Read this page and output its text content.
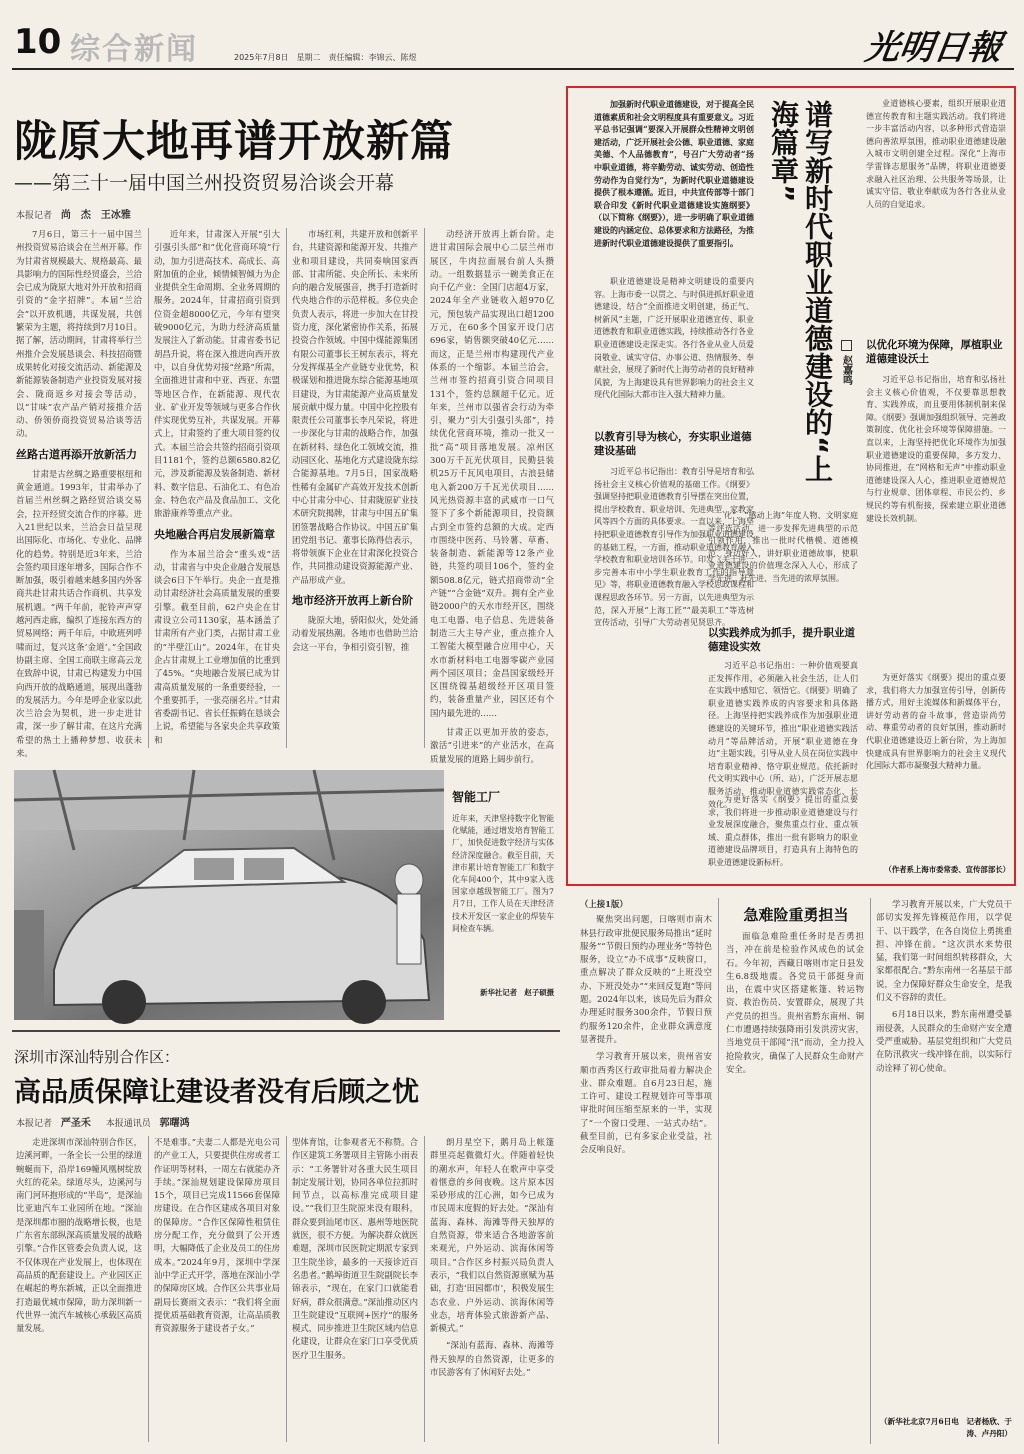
10 综合新闻	2025年7月8日　星期二　责任编辑：李锦云、陈煜	光明日報
陇原大地再谱开放新篇
——第三十一届中国兰州投资贸易洽谈会开幕
本报记者 尚　杰　王冰雅

7月6日，第三十一届中国兰州投资贸易洽谈会在兰州开幕。作为甘肃省规模最大、规格最高、最具影响力的国际性经贸盛会，兰洽会已成为陇原大地对外开放和招商引资的“金字招牌”。本届“兰洽会”以开放机遇，共谋发展，共创繁荣为主题，将持续到7月10日。据了解，活动期间，甘肃将举行兰州推介会发展恳谈会、科技招商暨成果转化对接交流活动、新能源及新能源装备制造产业投资发展对接会、陇商返乡对接会等活动，以“甘味”农产品产销对接推介活动、侨领侨商投资贸易洽谈等活动。

丝路古道再添开放新活力

甘肃是古丝绸之路重要枢纽和黄金通道。1993年，甘肃举办了首届兰州丝绸之路经贸洽谈交易会，拉开经贸交流合作的序幕。进入21世纪以来，兰洽会日益呈现出国际化、市场化、专业化、品牌化的趋势。特别是近3年来，兰洽会签约项目逐年增多，国际合作不断加强，吸引着越来越多国内外客商共赴甘肃共话合作商机、共享发展机遇。“两千年前，驼铃声声穿越河西走廊，编织了连接东西方的贸易网络；两千年后，中欧班列呼啸而过，复兴这条‘金道’。”全国政协副主席、全国工商联主席高云龙在致辞中说，甘肃已构建发力中国向西开放的战略通道，展现出蓬勃的发展活力。今年是呼企业家以此次兰洽会为契机，进一步走进甘肃，深一步了解甘肃，在这片充满希望的热土上播种梦想、收获未来。

近年来，甘肃深入开展“引大引强引头部”和“优化营商环境”行动，加力引进高技术、高成长、高附加值的企业，倾情倾智倾力为企业提供全生命周期、全业务周期的服务。2024年，甘肃招商引资到位资金超8000亿元，今年有望突破9000亿元，为助力经济高质量发展注入了新动能。甘肃省委书记胡昌升说，将在深入推进向西开放中，以自身优势对接“丝路”所需，全面推进甘肃和中亚、西亚、东盟等地区合作，在新能源、现代农业、矿业开发等领域与更多合作伙伴实现优势互补，共谋发展。开幕式上，甘肃签约了重大项目签约仪式。本届兰洽会共签约招商引资项目1181个，签约总额6580.82亿元，涉及新能源及装备制造、新材料、数字信息、石油化工、有色冶金、特色农产品及食品加工、文化旅游康养等重点产业。

央地融合再启发展新篇章

作为本届兰洽会“重头戏”活动，甘肃省与中央企业融合发展恳谈会6日下午举行。央企一直是推动甘肃经济社会高质量发展的重要引擎。截至目前，62户央企在甘肃设立公司1130家，基本涵盖了甘肃所有产业门类，占据甘肃工业的“半壁江山”。2024年，在甘央企占甘肃规上工业增加值的比重到了45%。“央地融合发展已成为甘肃高质量发展的一条重要经验，一个重要抓手，一张亮丽名片。”甘肃省委副书记、省长任振鹤在恳谈会上说，希望能与各家央企共享政策和

市场红利，共建开放和创新平台，共建资源和能源开发、共推产业和项目建设，共同奏响国家西部、甘肃所能、央企所长、未来所向的融合发展强音，携手打造新时代央地合作的示范样板。多位央企负责人表示，将进一步加大在甘投资力度，深化紧密协作关系，拓展投资合作领域。中国中煤能源集团有限公司董事长王树东表示，将充分发挥煤基全产业链专业优势，积极谋划和推进陇东综合能源基地项目建设，为甘肃能源产业高质量发展贡献中煤力量。中国中化控股有限责任公司董事长李凡荣说，将进一步深化与甘肃的战略合作，加强在新材料、绿色化工领域交流，推动园区化、基地化方式建设陇东综合能源基地。7月5日，国家战略性稀有金属矿产高效开发技术创新中心甘肃分中心、甘肃陇原矿业技术研究院揭牌，甘肃与中国五矿集团签署战略合作协议。中国五矿集团党组书记、董事长陈得信表示，将带领旗下企业在甘肃深化投资合作，共同推动建设资源能源产业、产品形成产业。

地市经济开放再上新台阶

陇原大地，骄阳似火，处处涌动着发展热潮。各地市也借助兰洽会这一平台，争相引资引智，推

动经济开放再上新台阶。走进甘肃国际会展中心二层兰州市展区，牛肉拉面展台前人头攒动。一组数据显示一碗美食正在向千亿产业：全国门店超4万家，2024年全产业链收入超970亿元，预包装产品实现出口超1200万元，在60多个国家开设门店696家，销售额突破40亿元……而这，正是兰州市构建现代产业体系的一个缩影。本届兰洽会，兰州市签约招商引资合同项目131个，签约总额超千亿元。近年来，兰州市以强省会行动为牵引，聚力“引大引强引头部”，持续优化营商环境，推动一批又一批“高”项目落地发展。凉州区300万千瓦光伏项目，民勤县装机25万千瓦风电项目，古浪县储电入新200万千瓦光伏项目……风光热资源丰富的武威市一口气签下了多个新能源项目，投资额占到全市签约总额的大成。定西市围绕中医药、马铃薯、草畜、装备制造、新能源等12条产业链，共签约项目106个，签约金额508.8亿元，链式招商带动“全产链”“合金链”双升。拥有全产业链2000户的天水市经开区，围绕电工电器、电子信息、先进装备制造三大主导产业，重点推介人工智能大模型融合应用中心，天水市新材料电工电器零碳产业园两个园区项目；金昌国家级经开区围绕镍基超级经开区项目签约，装备重量产业，园区还有个国内最先进的……

甘肃正以更加开放的姿态，激活“引进来”的产业活水，在高质量发展的道路上阔步前行。

智能工厂
近年来，天津坚持数字化智能化赋能，通过增发培育智能工厂，加快促进数字经济与实体经济深度融合。截至目前，天津市累计培育智能工厂和数字化车间400个，其中9家入选国家卓越级智能工厂。图为7月7日，工作人员在天津经济技术开发区一家企业的焊装车间检查车辆。
新华社记者　赵子硕摄
深圳市深汕特别合作区：
高品质保障让建设者没有后顾之忧
本报记者 严圣禾 本报通讯员 郭曙鸿
走进深圳市深汕特别合作区，边溪河畔，一条全长一公里的绿道蜿蜒而下，沿岸169幢风凰树绽放火红的花朵。绿道尽头，边溪河与南门河环抱形成的“半岛”，是深汕比亚迪汽车工业园所在地。“深汕是深圳都市圈的战略增长极，也是广东省东部纵深高质量发展的战略引擎。”合作区管委会负责人说，这不仅体现在产业发展上，也体现在高品质的配套建设上。产业园区正在崛起的粤东新城，正以全面推进打造最优城市保障，助力深圳新一代世界一流汽车城核心承载区高质量发展。
不是难事。”夫妻二人都是光电公司的产业工人，只要提供住房或者工作证明等材料，一周左右就能办齐手续。”深汕规划建设保障房项目15个，项目已完成11566套保障房建设。在合作区建成各项目对象的保障房。“合作区保障性租赁住房分配工作，充分做到了公开透明，大幅降低了企业及员工的住房成本。”2024年9月，深圳中学深汕中学正式开学，落地在深汕小学的保障房区域。合作区公共事业局副局长赛雨文表示：“我们将全面提优质基础教育资源，让高品质教育资源服务于建设者子女。”
型体育馆，让参观者无不称赞。合作区建筑工务署项目主管陈小雨表示：“工务署针对各重大民生项目制定发展计划，协同各单位拉抓时间节点，以高标准完成项目建设。”“我们卫生院原来没有眼科，群众要到汕尾市区、惠州等地医院就医，很不方便。为解决群众就医难题，深圳市民医院定期派专家到卫生院坐诊，最多的一天接诊近百名患者。”鹅埠街道卫生院副院长李锦表示，“现在，在家门口就能看好病，群众很满意。”深汕推动区内卫生院建设“互联网+医疗”的服务模式，同步推进卫生院区域内信息化建设，让群众在家门口享受优质医疗卫生服务。

朗月星空下，鹅月岛上帐篷群里亮起微微灯火。伴随着轻快的潮水声，年轻人在歌声中享受着惬意的乡间夜晚。这片原本因采砂形成的江心洲，如今已成为市民周末度假的好去处。“深汕有蓝海、森林、海滩等得天独厚的自然资源，带来适合各地游客前来观光，户外运动、滨海休闲等项目。”合作区乡村振兴局负责人表示，“我们以自然资源禀赋为基础，打造‘田园都市’，积极发展生态农业、户外运动、滨海休闲等业态，培育体验式旅游新产品、新模式。”

“深汕有蓝海、森林、海滩等得天独厚的自然资源，让更多的市民游客有了休闲好去处。”

加强新时代职业道德建设，对于提高全民道德素质和社会文明程度具有重要意义。习近平总书记强调“要深入开展群众性精神文明创建活动，广泛开展社会公德、职业道德、家庭美德、个人品德教育”，号召广大劳动者“扬中职业道德，将辛勤劳动、诚实劳动、创造性劳动作为自觉行为”，为新时代职业道德建设提供了根本遵循。近日，中共宣传部等十部门联合印发《新时代职业道德建设实施纲要》（以下简称《纲要》），进一步明确了职业道德建设的内涵定位、总体要求和方法路径，为推进新时代职业道德建设提供了重要指引。
职业道德建设是精神文明建设的重要内容。上海市委一以贯之、与时俱进抓好职业道德建设，结合“全面推进文明创建，扬正气、树新风”主题，广泛开展职业道德宣传、职业道德教育和职业道德实践，持续推动各行各业职业道德建设走深走实。各行各业从业人员爱岗敬业、诚实守信、办事公道、热情服务、奉献社会，展现了新时代上海劳动者的良好精神风貌，为上海建设具有世界影响力的社会主义现代化国际大都市注入强大精神力量。
以教育引导为核心，夯实职业道德建设基础
习近平总书记指出：教育引导是培育和弘扬社会主义核心价值观的基础工作。《纲要》强调坚持把职业道德教育引导摆在突出位置，提出学校教育、职业培训、先进典型、家教家风等四个方面的具体要求。一直以来，上海坚持把职业道德教育引导作为加强职业道德建设的基础工程，一方面，推动职业道德教育融入学校教育和职业培训各环节。印发《关于进一步完善本市中小学生职业教育工作的指导意见》等，将职业道德教育融入学校思政课程和课程思政各环节。另一方面，以先进典型为示范，深入开展“上海工匠”“最美职工”等选树宣传活动，引导广大劳动者见贤思齐。
谱写新时代职业道德建设的“上海篇章”
赵嘉鸣
化”、“感动上海”年度人物、文明家庭等评选活动，进一步发挥先进典型的示范引领作用，推出一批时代楷模、道德模范、身边好人，讲好职业道德故事，使职业道德建设的价值理念深入人心，形成了学先进、赶先进、当先进的浓厚氛围。
以实践养成为抓手，提升职业道德建设实效
习近平总书记指出：一种价值观要真正发挥作用，必须融入社会生活，让人们在实践中感知它、领悟它。《纲要》明确了职业道德实践养成的内容要求和具体路径。上海坚持把实践养成作为加强职业道德建设的关键环节，推出“职业道德实践活动月”等品牌活动，开展“职业道德在身边”主题实践，引导从业人员在岗位实践中培育职业精神、恪守职业规范。依托新时代文明实践中心（所、站），广泛开展志愿服务活动，推动职业道德实践常态化、长效化。
为更好落实《纲要》提出的重点要求，我们将进一步推动职业道德建设与行业发展深度融合，聚焦重点行业、重点领域、重点群体，推出一批有影响力的职业道德建设品牌项目，打造具有上海特色的职业道德建设新标杆。
业道德核心要素，组织开展职业道德宣传教育和主题实践活动。我们将进一步丰富活动内容，以多种形式营造崇德向善浓厚氛围，推动职业道德建设融入城市文明创建全过程。深化“上海市学雷锋志愿服务”品牌，将职业道德要求融入社区治理、公共服务等场景，让诚实守信、敬业奉献成为各行各业从业人员的自觉追求。
以优化环境为保障，厚植职业道德建设沃土
习近平总书记指出，培育和弘扬社会主义核心价值观，不仅要靠思想教育、实践养成，而且要用体制机制来保障。《纲要》强调加强组织领导、完善政策制度、优化社会环境等保障措施。一直以来，上海坚持把优化环境作为加强职业道德建设的重要保障，多方发力、协同推进，在“网格和无声”中推动职业道德建设深入人心，推进职业道德规范与行业规章、团体章程、市民公约、乡规民约等有机衔接，探索建立职业道德建设长效机制。
为更好落实《纲要》提出的重点要求，我们将大力加强宣传引导，创新传播方式，用好主流媒体和新媒体平台，讲好劳动者的奋斗故事，营造崇尚劳动、尊重劳动者的良好氛围，推动新时代职业道德建设迈上新台阶，为上海加快建成具有世界影响力的社会主义现代化国际大都市凝聚强大精神力量。
（作者系上海市委常委、宣传部部长）
（上接1版）

聚焦突出问题，日喀则市南木林县行政审批便民服务局推出“延时服务”“节假日预约办理业务”等特色服务，设立“办不成事”反映窗口，重点解决了群众反映的“上班没空办、下班没处办”“来回反复跑”等问题。2024年以来，该局先后为群众办理延时服务300余件，节假日预约服务120余件，企业群众满意度显著提升。

学习教育开展以来，贵州省安顺市西秀区行政审批局着力解决企业、群众难题。自6月23日起，施工许可、建设工程规划许可等事项审批时间压缩至原来的一半，实现了“一个窗口受理、一站式办结”。截至目前，已有多家企业受益，社会反响良好。

急难险重勇担当
面临急难险重任务时是否勇担当，冲在前是检验作风成色的试金石。今年初，西藏日喀则市定日县发生6.8级地震。各党员干部挺身而出，在震中灾区搭建帐篷、转运物资、救治伤员、安置群众，展现了共产党员的担当。贵州省黔东南州、铜仁市遭遇持续强降雨引发洪涝灾害，当地党员干部闻“汛”而动，全力投入抢险救灾，确保了人民群众生命财产安全。

学习教育开展以来，广大党员干部切实发挥先锋模范作用，以学促干、以干践学，在各自岗位上勇挑重担、冲锋在前。“这次洪水来势很猛，我们第一时间组织转移群众，大家都很配合。”黔东南州一名基层干部说，全力保障好群众生命安全，是我们义不容辞的责任。

6月18日以来，黔东南州遭受暴雨侵袭，人民群众的生命财产安全遭受严重威胁。基层党组织和广大党员在防汛救灾一线冲锋在前，以实际行动诠释了初心使命。

（新华社北京7月6日电　记者杨欣、于涛、卢丹阳）
